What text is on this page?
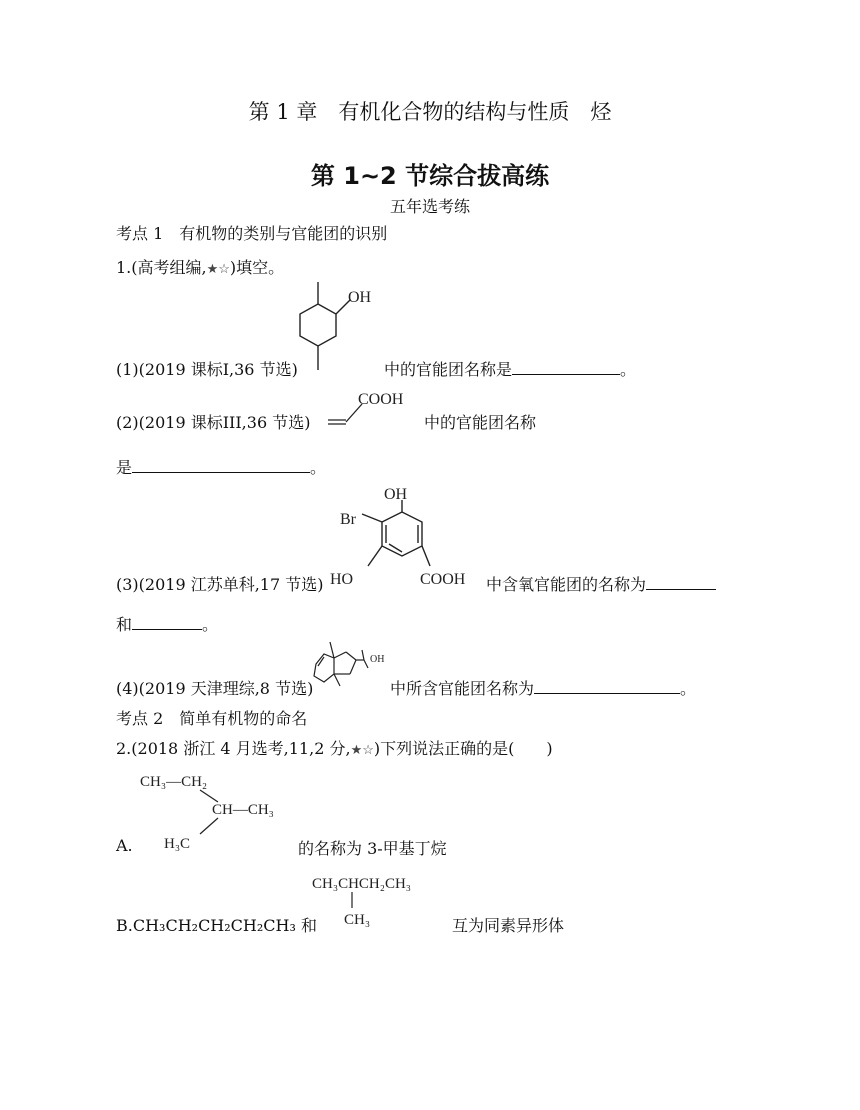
第 1 章　有机化合物的结构与性质　烃
第 1~2 节综合拔高练
五年选考练
考点 1　有机物的类别与官能团的识别
1.(高考组编,★☆)填空。
OH
(1)(2019 课标I,36 节选)	中的官能团名称是	。
COOH
(2)(2019 课标III,36 节选)	中的官能团名称
是	。
OH
Br
HO	COOH
(3)(2019 江苏单科,17 节选)	中含氧官能团的名称为
和	。
OH
(4)(2019 天津理综,8 节选)	中所含官能团名称为	。
考点 2　简单有机物的命名
2.(2018 浙江 4 月选考,11,2 分,★☆)下列说法正确的是(　　)
CH₃—CH₂
CH—CH₃
H₃C
A.	的名称为 3-甲基丁烷
CH₃CHCH₂CH₃
CH₃
B.CH₃CH₂CH₂CH₂CH₃ 和	互为同素异形体
